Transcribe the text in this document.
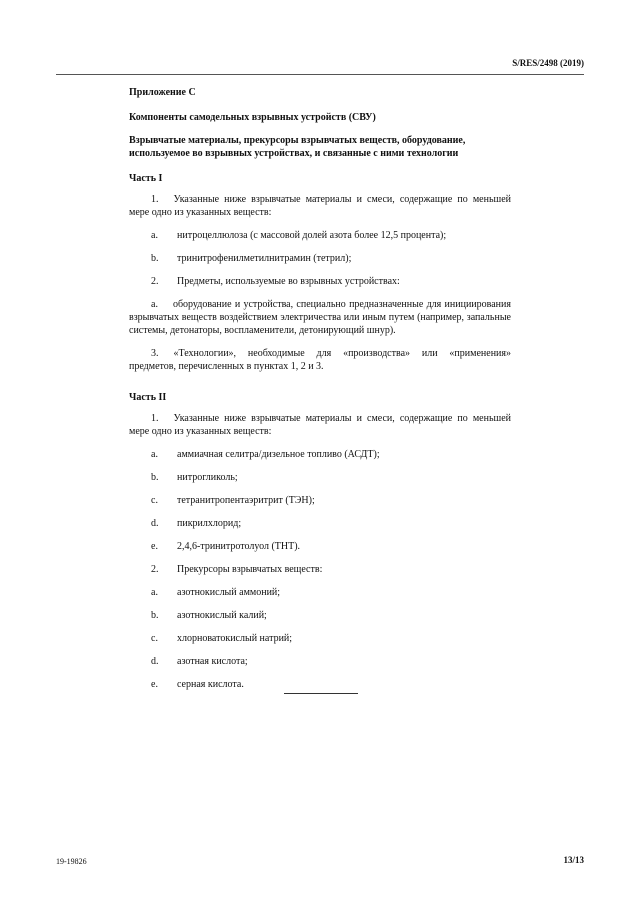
S/RES/2498 (2019)

Приложение С

Компоненты самодельных взрывных устройств (СВУ)

Взрывчатые материалы, прекурсоры взрывчатых веществ, оборудование, используемое во взрывных устройствах, и связанные с ними технологии

Часть I

1.   Указанные ниже взрывчатые материалы и смеси, содержащие по меньшей мере одно из указанных веществ:

a. нитроцеллюлоза (с массовой долей азота более 12,5 процента);

b. тринитрофенилметилнитрамин (тетрил);

2. Предметы, используемые во взрывных устройствах:

a.   оборудование и устройства, специально предназначенные для инициирования взрывчатых веществ воздействием электричества или иным путем (например, запальные системы, детонаторы, воспламенители, детонирующий шнур).

3.   «Технологии», необходимые для «производства» или «применения» предметов, перечисленных в пунктах 1, 2 и 3.

Часть II

1.   Указанные ниже взрывчатые материалы и смеси, содержащие по меньшей мере одно из указанных веществ:

a. аммиачная селитра/дизельное топливо (АСДТ);

b. нитрогликоль;

c. тетранитропентаэритрит (ТЭН);

d. пикрилхлорид;

e. 2,4,6-тринитротолуол (ТНТ).

2. Прекурсоры взрывчатых веществ:

a. азотнокислый аммоний;

b. азотнокислый калий;

c. хлорноватокислый натрий;

d. азотная кислота;

e. серная кислота.

19-19826	13/13
